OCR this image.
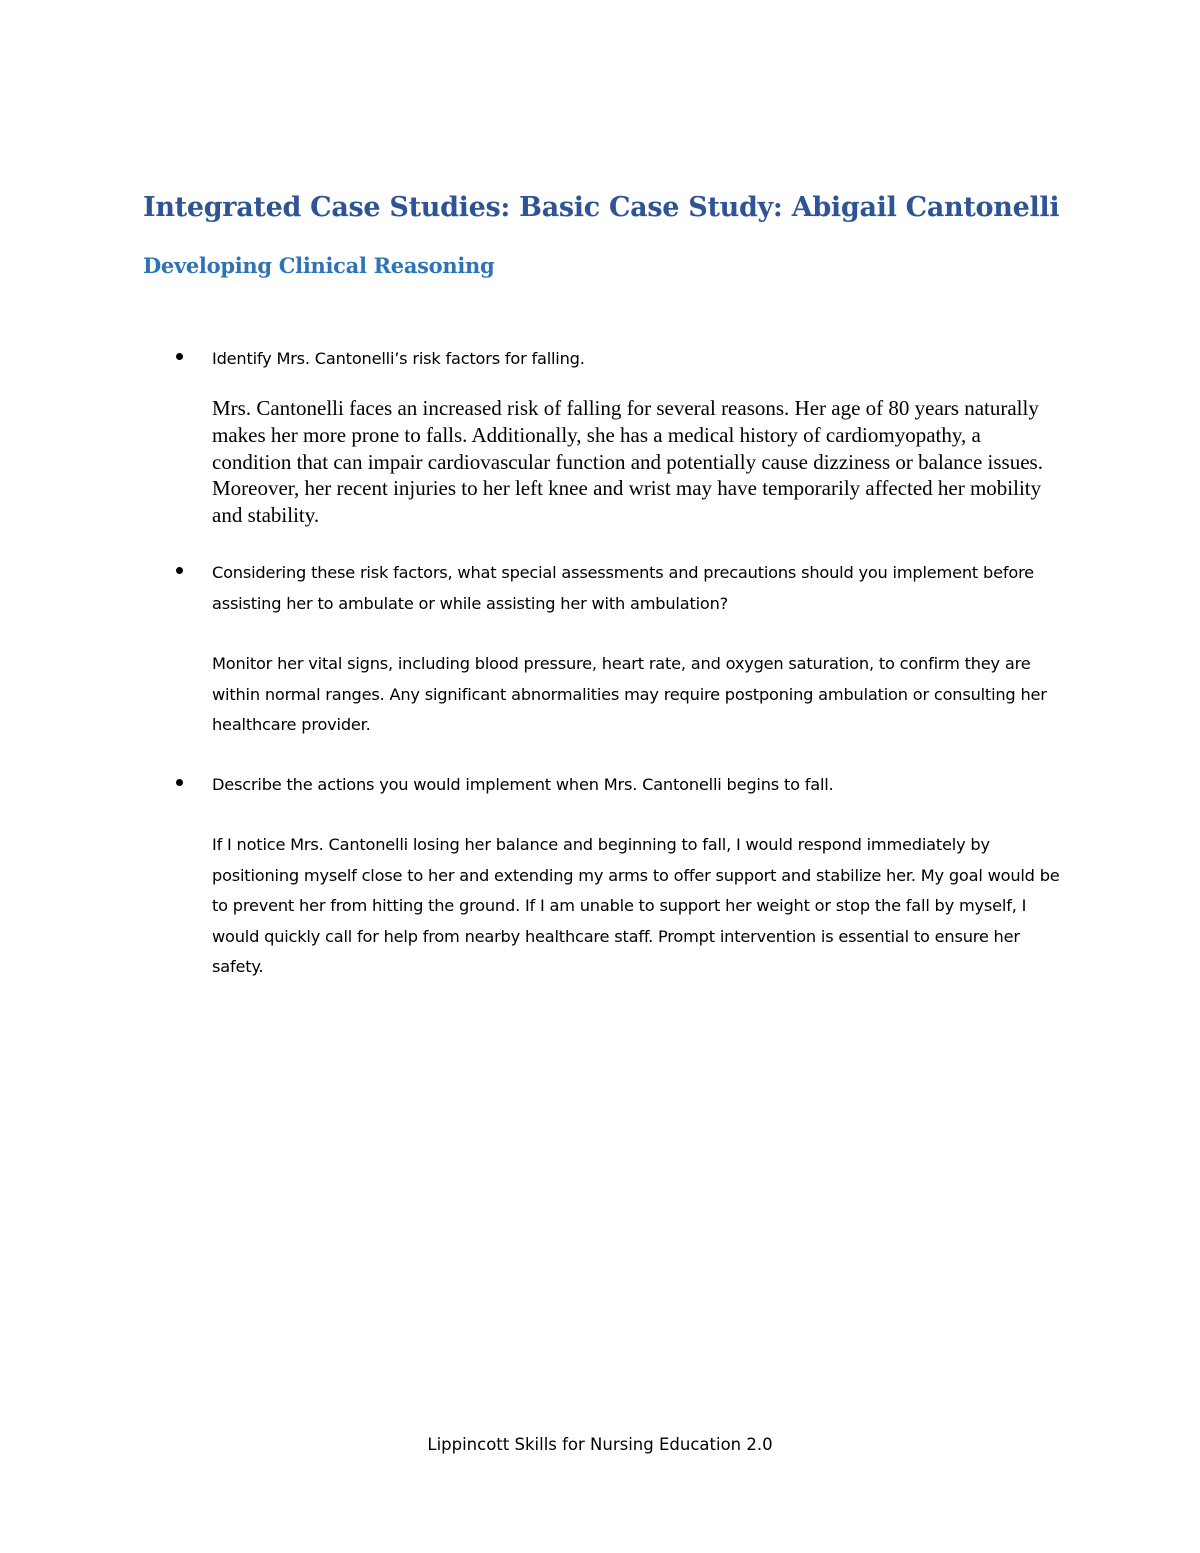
Integrated Case Studies: Basic Case Study: Abigail Cantonelli
Developing Clinical Reasoning

Identify Mrs. Cantonelli’s risk factors for falling.

Mrs. Cantonelli faces an increased risk of falling for several reasons. Her age of 80 years naturally makes her more prone to falls. Additionally, she has a medical history of cardiomyopathy, a condition that can impair cardiovascular function and potentially cause dizziness or balance issues. Moreover, her recent injuries to her left knee and wrist may have temporarily affected her mobility and stability.

Considering these risk factors, what special assessments and precautions should you implement before assisting her to ambulate or while assisting her with ambulation?

Monitor her vital signs, including blood pressure, heart rate, and oxygen saturation, to confirm they are within normal ranges. Any significant abnormalities may require postponing ambulation or consulting her healthcare provider.

Describe the actions you would implement when Mrs. Cantonelli begins to fall.

If I notice Mrs. Cantonelli losing her balance and beginning to fall, I would respond immediately by positioning myself close to her and extending my arms to offer support and stabilize her. My goal would be to prevent her from hitting the ground. If I am unable to support her weight or stop the fall by myself, I would quickly call for help from nearby healthcare staff. Prompt intervention is essential to ensure her safety.

Lippincott Skills for Nursing Education 2.0
